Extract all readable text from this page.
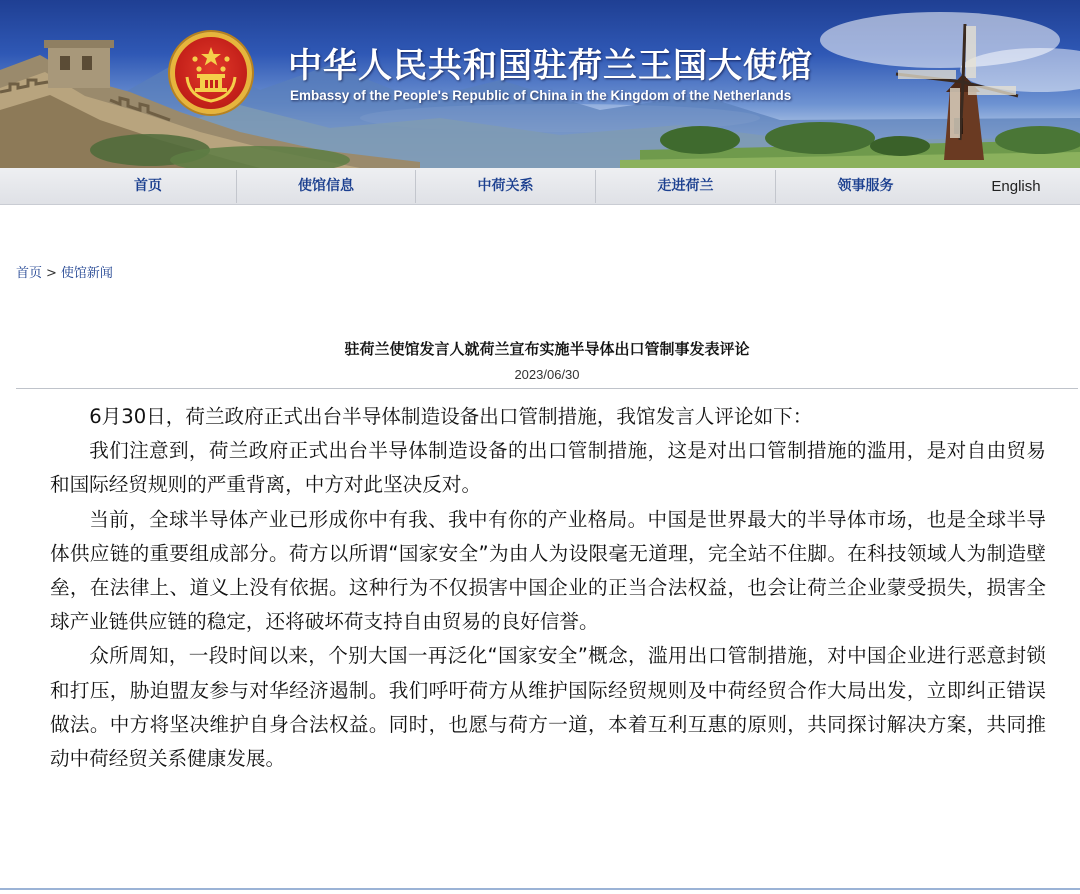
中华人民共和国驻荷兰王国大使馆
Embassy of the People's Republic of China in the Kingdom of the Netherlands
首页	使馆信息	中荷关系	走进荷兰	领事服务	English
首页 > 使馆新闻
驻荷兰使馆发言人就荷兰宣布实施半导体出口管制事发表评论
2023/06/30

6月30日，荷兰政府正式出台半导体制造设备出口管制措施，我馆发言人评论如下：

我们注意到，荷兰政府正式出台半导体制造设备的出口管制措施，这是对出口管制措施的滥用，是对自由贸易和国际经贸规则的严重背离，中方对此坚决反对。

当前，全球半导体产业已形成你中有我、我中有你的产业格局。中国是世界最大的半导体市场，也是全球半导体供应链的重要组成部分。荷方以所谓“国家安全”为由人为设限毫无道理，完全站不住脚。在科技领域人为制造壁垒，在法律上、道义上没有依据。这种行为不仅损害中国企业的正当合法权益，也会让荷兰企业蒙受损失，损害全球产业链供应链的稳定，还将破坏荷支持自由贸易的良好信誉。

众所周知，一段时间以来，个别大国一再泛化“国家安全”概念，滥用出口管制措施，对中国企业进行恶意封锁和打压，胁迫盟友参与对华经济遏制。我们呼吁荷方从维护国际经贸规则及中荷经贸合作大局出发，立即纠正错误做法。中方将坚决维护自身合法权益。同时，也愿与荷方一道，本着互利互惠的原则，共同探讨解决方案，共同推动中荷经贸关系健康发展。
